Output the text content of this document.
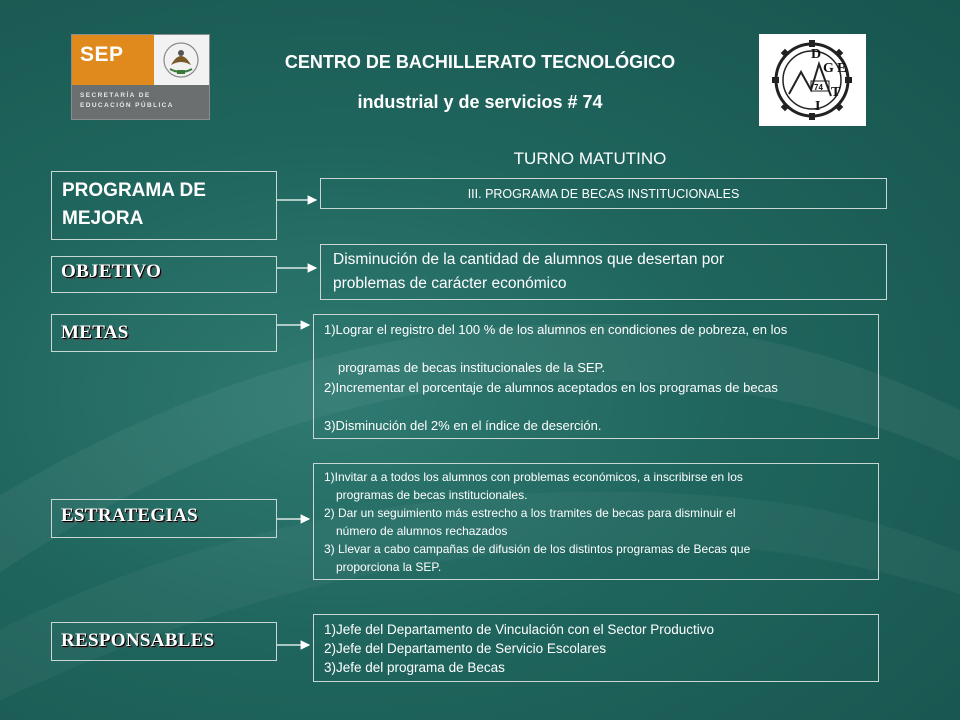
SEP
SECRETARÍA DE
EDUCACIÓN PÚBLICA
D
G E
T
I
74
CENTRO DE BACHILLERATO TECNOLÓGICO
industrial y de servicios # 74
TURNO MATUTINO
PROGRAMA DE
MEJORA
OBJETIVO
METAS
ESTRATEGIAS
RESPONSABLES
III. PROGRAMA DE BECAS INSTITUCIONALES
Disminución de la cantidad de alumnos que desertan por
problemas de carácter económico
1)Lograr el registro del 100 % de los alumnos en condiciones de pobreza, en los
programas de becas institucionales de la SEP.
2)Incrementar el porcentaje de alumnos aceptados en los programas de becas
3)Disminución del 2% en el índice de deserción.
1)Invitar a a todos los alumnos con problemas económicos, a inscribirse en los
programas de becas institucionales.
2) Dar un seguimiento más estrecho a los tramites de becas para disminuir el
número de alumnos rechazados
3) Llevar a cabo campañas de difusión de los distintos programas de Becas que
proporciona la SEP.
1)Jefe del Departamento de Vinculación con el Sector Productivo
2)Jefe del Departamento de Servicio Escolares
3)Jefe del programa de Becas
